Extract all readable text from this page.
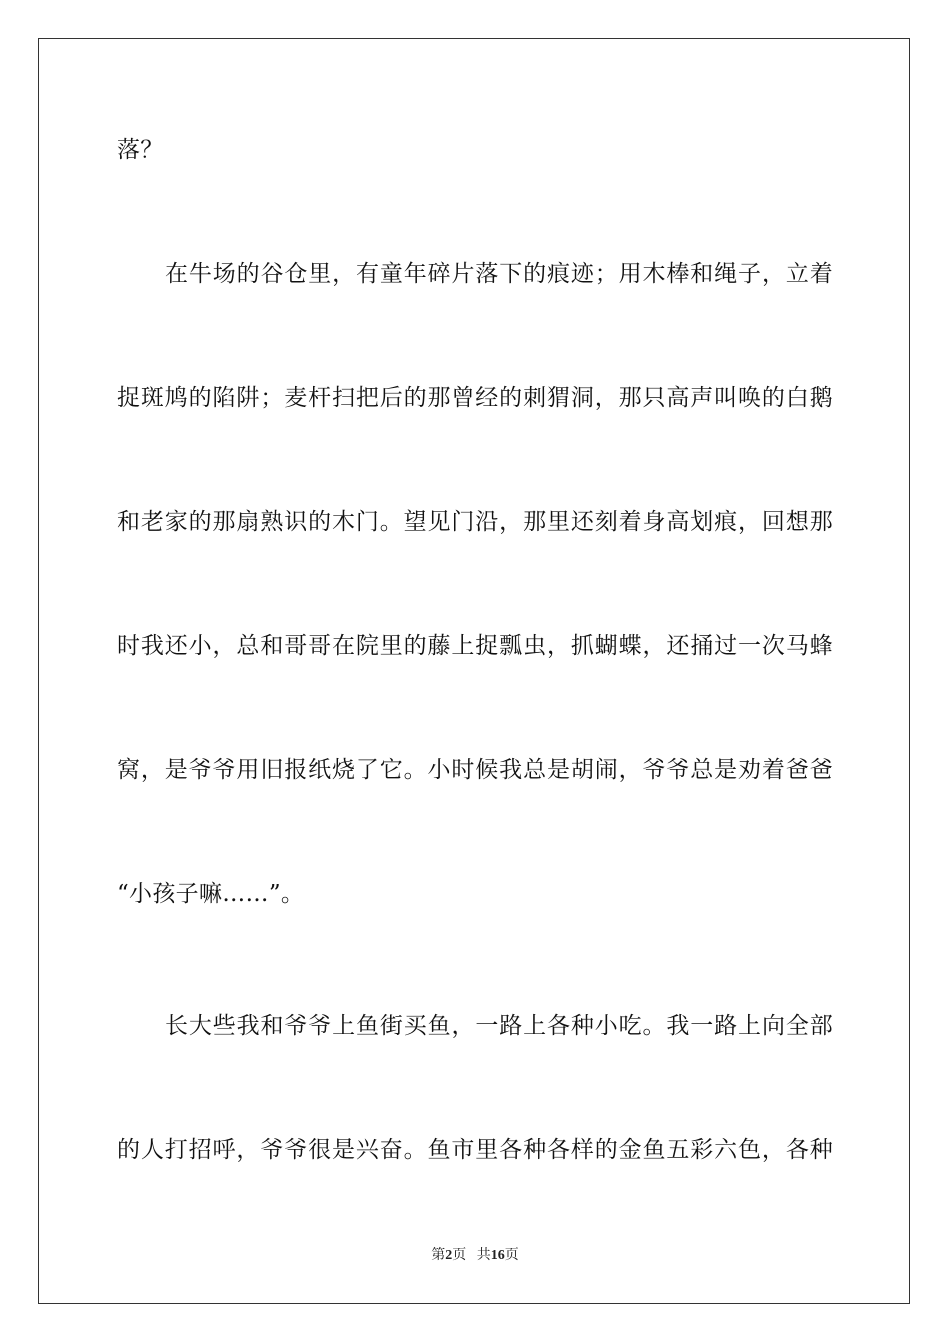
落？
在牛场的谷仓里，有童年碎片落下的痕迹；用木棒和绳子，立着
捉斑鸠的陷阱；麦杆扫把后的那曾经的刺猬洞，那只高声叫唤的白鹅
和老家的那扇熟识的木门。望见门沿，那里还刻着身高划痕，回想那
时我还小，总和哥哥在院里的藤上捉瓢虫，抓蝴蝶，还捅过一次马蜂
窝，是爷爷用旧报纸烧了它。小时候我总是胡闹，爷爷总是劝着爸爸
“小孩子嘛……”。
长大些我和爷爷上鱼街买鱼，一路上各种小吃。我一路上向全部
的人打招呼，爷爷很是兴奋。鱼市里各种各样的金鱼五彩六色，各种
第2页 共16页
